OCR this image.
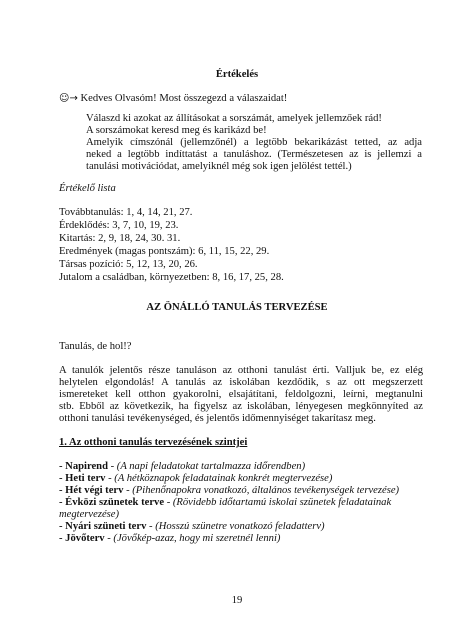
Értékelés
☺→ Kedves Olvasóm! Most összegezd a válaszaidat!
Válaszd ki azokat az állításokat a sorszámát, amelyek jellemzőek rád!
A sorszámokat keresd meg és karikázd be!
Amelyik címszónál (jellemzőnél) a legtöbb bekarikázást tetted, az adja
neked a legtöbb indíttatást a tanuláshoz. (Természetesen az is jellemzi a
tanulási motivációdat, amelyiknél még sok igen jelölést tettél.)
Értékelő lista
Továbbtanulás: 1, 4, 14, 21, 27.
Érdeklődés: 3, 7, 10, 19, 23.
Kitartás: 2, 9, 18, 24, 30. 31.
Eredmények (magas pontszám): 6, 11, 15, 22, 29.
Társas pozíció: 5, 12, 13, 20, 26.
Jutalom a családban, környezetben: 8, 16, 17, 25, 28.
AZ ÖNÁLLÓ TANULÁS TERVEZÉSE
Tanulás, de hol!?
A tanulók jelentős része tanuláson az otthoni tanulást érti. Valljuk be, ez elég
helytelen elgondolás! A tanulás az iskolában kezdődik, s az ott megszerzett
ismereteket kell otthon gyakorolni, elsajátítani, feldolgozni, leírni, megtanulni
stb. Ebből az következik, ha figyelsz az iskolában, lényegesen megkönnyíted az
otthoni tanulási tevékenységed, és jelentős időmennyiséget takarítasz meg.
1. Az otthoni tanulás tervezésének szintjei
- Napirend - (A napi feladatokat tartalmazza időrendben)
- Heti terv - (A hétköznapok feladatainak konkrét megtervezése)
- Hét végi terv - (Pihenőnapokra vonatkozó, általános tevékenységek tervezése)
- Évközi szünetek terve - (Rövidebb időtartamú iskolai szünetek feladatainak
megtervezése)
- Nyári szüneti terv - (Hosszú szünetre vonatkozó feladatterv)
- Jövőterv - (Jövőkép-azaz, hogy mi szeretnél lenni)
19
